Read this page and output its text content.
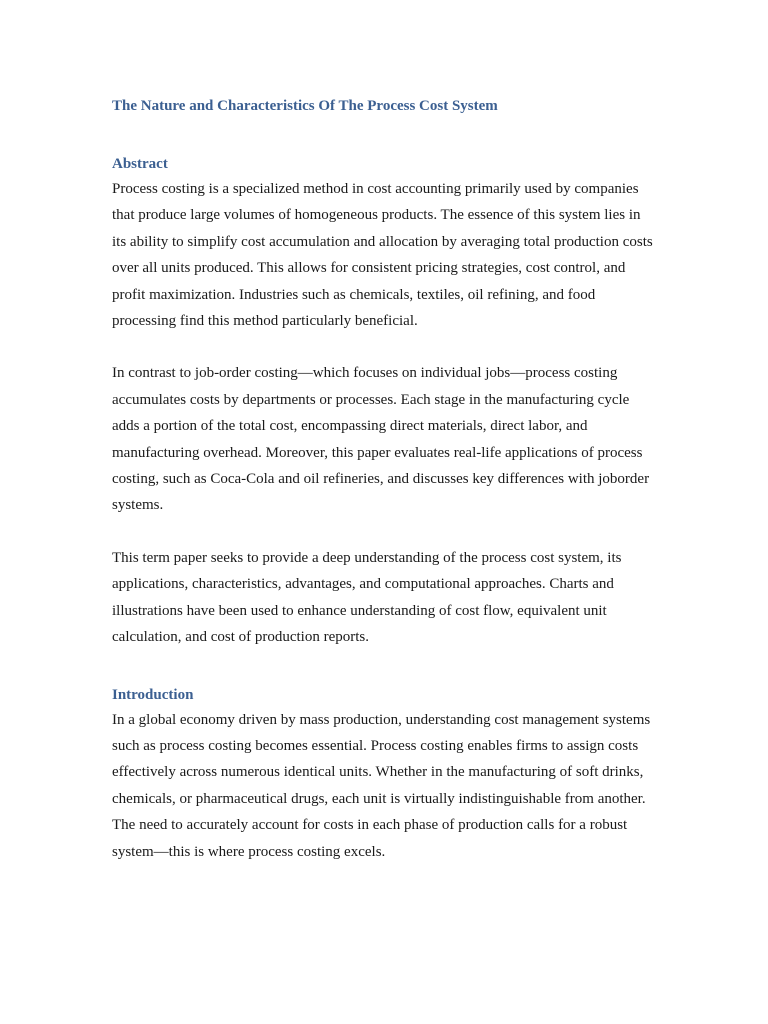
The Nature and Characteristics Of The Process Cost System
Abstract

Process costing is a specialized method in cost accounting primarily used by companies that produce large volumes of homogeneous products. The essence of this system lies in its ability to simplify cost accumulation and allocation by averaging total production costs over all units produced. This allows for consistent pricing strategies, cost control, and profit maximization. Industries such as chemicals, textiles, oil refining, and food processing find this method particularly beneficial.

In contrast to job-order costing—which focuses on individual jobs—process costing accumulates costs by departments or processes. Each stage in the manufacturing cycle adds a portion of the total cost, encompassing direct materials, direct labor, and manufacturing overhead. Moreover, this paper evaluates real-life applications of process costing, such as Coca-Cola and oil refineries, and discusses key differences with joborder systems.

This term paper seeks to provide a deep understanding of the process cost system, its applications, characteristics, advantages, and computational approaches. Charts and illustrations have been used to enhance understanding of cost flow, equivalent unit calculation, and cost of production reports.

Introduction

In a global economy driven by mass production, understanding cost management systems such as process costing becomes essential. Process costing enables firms to assign costs effectively across numerous identical units. Whether in the manufacturing of soft drinks, chemicals, or pharmaceutical drugs, each unit is virtually indistinguishable from another. The need to accurately account for costs in each phase of production calls for a robust system—this is where process costing excels.
